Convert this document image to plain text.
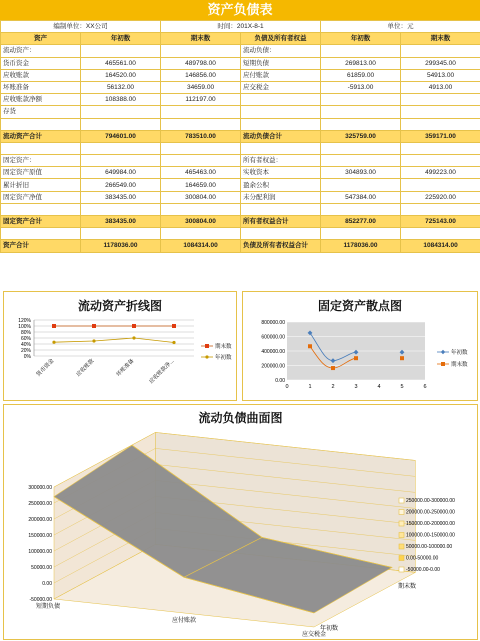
资产负债表
编制单位：XX公司		时间：201X-8-1		单位：元	
资产	年初数	期末数	负债及所有者权益	年初数	期末数
流动资产：			流动负债：		
货币资金	465561.00	489798.00	短期负债	269813.00	299345.00
应收账款	164520.00	146856.00	应付账款	61859.00	54913.00
坏账准备	56132.00	34659.00	应交税金	-5913.00	4913.00
应收账款净额	108388.00	112197.00			
存货					

流动资产合计	794601.00	783510.00	流动负债合计	325759.00	359171.00

固定资产：			所有者权益：		
固定资产原值	649984.00	465463.00	实收资本	304893.00	499223.00
累计折旧	266549.00	164659.00	盈余公积		
固定资产净值	383435.00	300804.00	未分配利润	547384.00	225920.00

固定资产合计	383435.00	300804.00	所有者权益合计	852277.00	725143.00

资产合计	1178036.00	1084314.00	负债及所有者权益合计	1178036.00	1084314.00
流动资产折线图
0%
20%
40%
60%
80%
100%
120%
货币资金	应收账款	坏账准备 应收账款净...
期末数
年初数
固定资产散点图
0.00
200000.00
400000.00
600000.00
800000.00
0	1	2	3	4	5	6
年初数
期末数
流动负债曲面图
-50000.00
0.00
50000.00
100000.00
150000.00
200000.00
250000.00
300000.00
短期负债
应付账款
应交税金
年初数
期末数
250000.00-300000.00
200000.00-250000.00
150000.00-200000.00
100000.00-150000.00
50000.00-100000.00
0.00-50000.00
-50000.00-0.00
